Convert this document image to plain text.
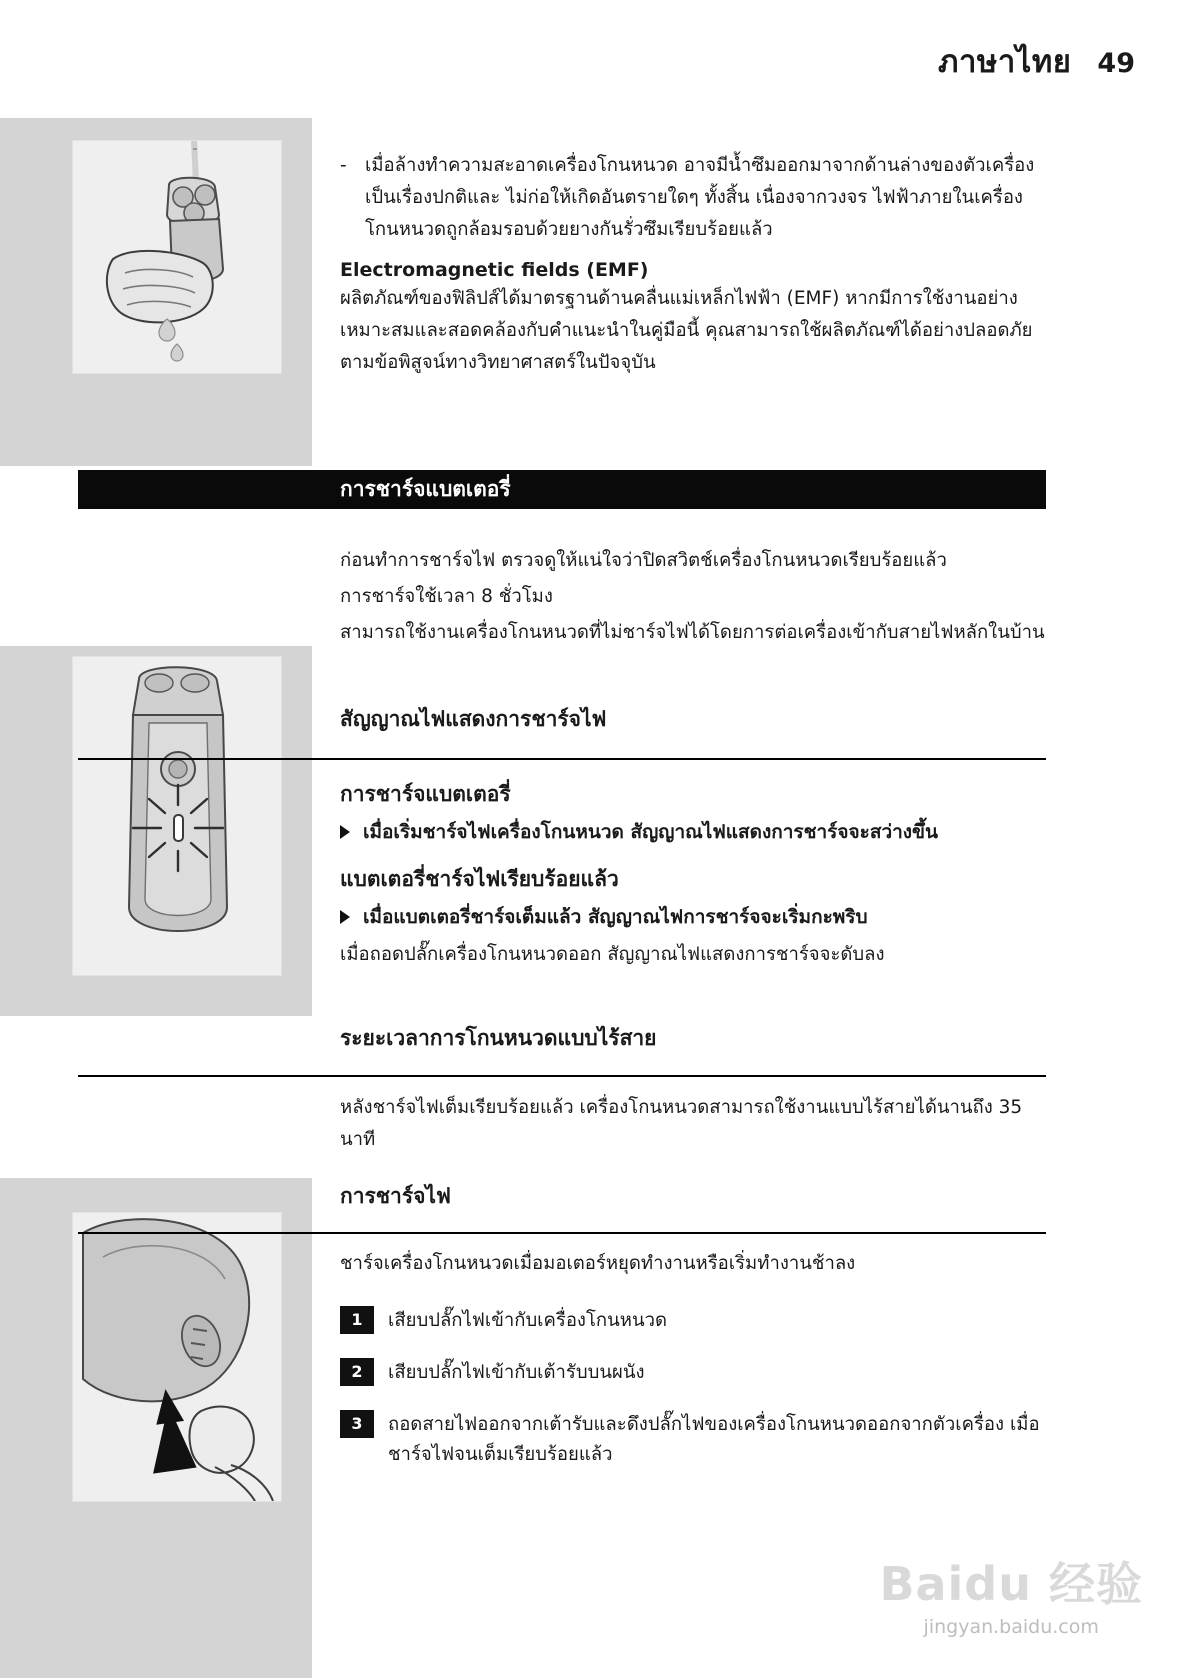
ภาษาไทย 49
- เมื่อล้างทำความสะอาดเครื่องโกนหนวด อาจมีน้ำซึมออกมาจากด้านล่างของตัวเครื่อง เป็นเรื่องปกติและ ไม่ก่อให้เกิดอันตรายใดๆ ทั้งสิ้น เนื่องจากวงจร ไฟฟ้าภายในเครื่องโกนหนวดถูกล้อมรอบด้วยยางกันรั่วซึมเรียบร้อยแล้ว
Electromagnetic fields (EMF)
ผลิตภัณฑ์ของฟิลิปส์ได้มาตรฐานด้านคลื่นแม่เหล็กไฟฟ้า (EMF) หากมีการใช้งานอย่างเหมาะสมและสอดคล้องกับคำแนะนำในคู่มือนี้ คุณสามารถใช้ผลิตภัณฑ์ได้อย่างปลอดภัยตามข้อพิสูจน์ทางวิทยาศาสตร์ในปัจจุบัน
การชาร์จแบตเตอรี่
ก่อนทำการชาร์จไฟ ตรวจดูให้แน่ใจว่าปิดสวิตช์เครื่องโกนหนวดเรียบร้อยแล้ว
การชาร์จใช้เวลา 8 ชั่วโมง
สามารถใช้งานเครื่องโกนหนวดที่ไม่ชาร์จไฟได้โดยการต่อเครื่องเข้ากับสายไฟหลักในบ้าน
สัญญาณไฟแสดงการชาร์จไฟ
การชาร์จแบตเตอรี่
เมื่อเริ่มชาร์จไฟเครื่องโกนหนวด สัญญาณไฟแสดงการชาร์จจะสว่างขึ้น
แบตเตอรี่ชาร์จไฟเรียบร้อยแล้ว
เมื่อแบตเตอรี่ชาร์จเต็มแล้ว สัญญาณไฟการชาร์จจะเริ่มกะพริบ
เมื่อถอดปลั๊กเครื่องโกนหนวดออก สัญญาณไฟแสดงการชาร์จจะดับลง
ระยะเวลาการโกนหนวดแบบไร้สาย
หลังชาร์จไฟเต็มเรียบร้อยแล้ว เครื่องโกนหนวดสามารถใช้งานแบบไร้สายได้นานถึง 35 นาที
การชาร์จไฟ
ชาร์จเครื่องโกนหนวดเมื่อมอเตอร์หยุดทำงานหรือเริ่มทำงานช้าลง
1	เสียบปลั๊กไฟเข้ากับเครื่องโกนหนวด
2	เสียบปลั๊กไฟเข้ากับเต้ารับบนผนัง
3	ถอดสายไฟออกจากเต้ารับและดึงปลั๊กไฟของเครื่องโกนหนวดออกจากตัวเครื่อง เมื่อชาร์จไฟจนเต็มเรียบร้อยแล้ว
Baidu 经验
jingyan.baidu.com
